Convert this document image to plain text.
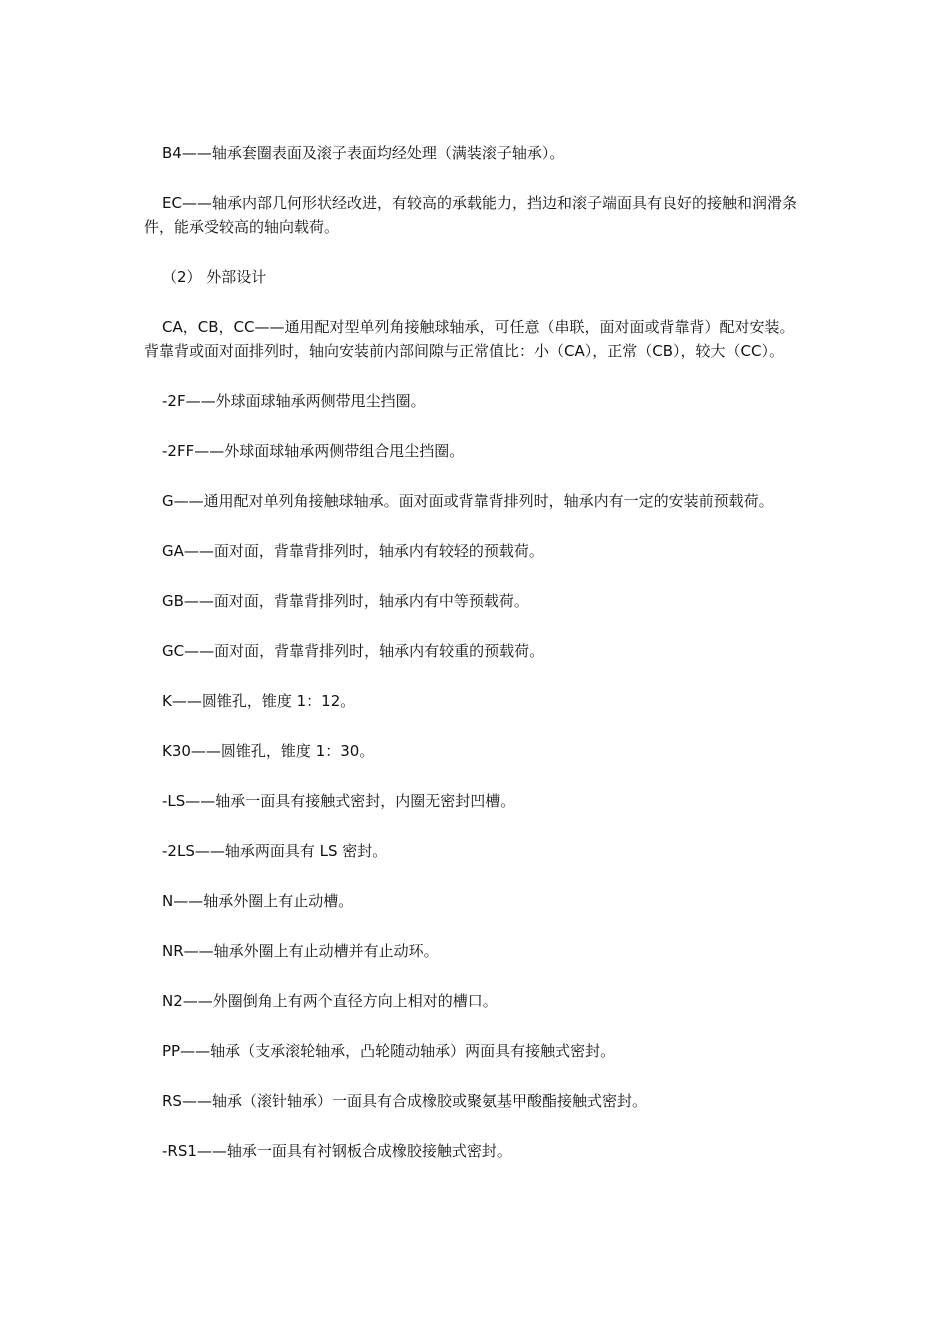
B4——轴承套圈表面及滚子表面均经处理（满装滚子轴承）。

EC——轴承内部几何形状经改进，有较高的承载能力，挡边和滚子端面具有良好的接触和润滑条件，能承受较高的轴向载荷。

（2） 外部设计

CA，CB，CC——通用配对型单列角接触球轴承，可任意（串联，面对面或背靠背）配对安装。背靠背或面对面排列时，轴向安装前内部间隙与正常值比：小（CA），正常（CB），较大（CC）。

-2F——外球面球轴承两侧带甩尘挡圈。

-2FF——外球面球轴承两侧带组合甩尘挡圈。

G——通用配对单列角接触球轴承。面对面或背靠背排列时，轴承内有一定的安装前预载荷。

GA——面对面，背靠背排列时，轴承内有较轻的预载荷。

GB——面对面，背靠背排列时，轴承内有中等预载荷。

GC——面对面，背靠背排列时，轴承内有较重的预载荷。

K——圆锥孔，锥度 1：12。

K30——圆锥孔，锥度 1：30。

-LS——轴承一面具有接触式密封，内圈无密封凹槽。

-2LS——轴承两面具有 LS 密封。

N——轴承外圈上有止动槽。

NR——轴承外圈上有止动槽并有止动环。

N2——外圈倒角上有两个直径方向上相对的槽口。

PP——轴承（支承滚轮轴承，凸轮随动轴承）两面具有接触式密封。

RS——轴承（滚针轴承）一面具有合成橡胶或聚氨基甲酸酯接触式密封。

-RS1——轴承一面具有衬钢板合成橡胶接触式密封。
